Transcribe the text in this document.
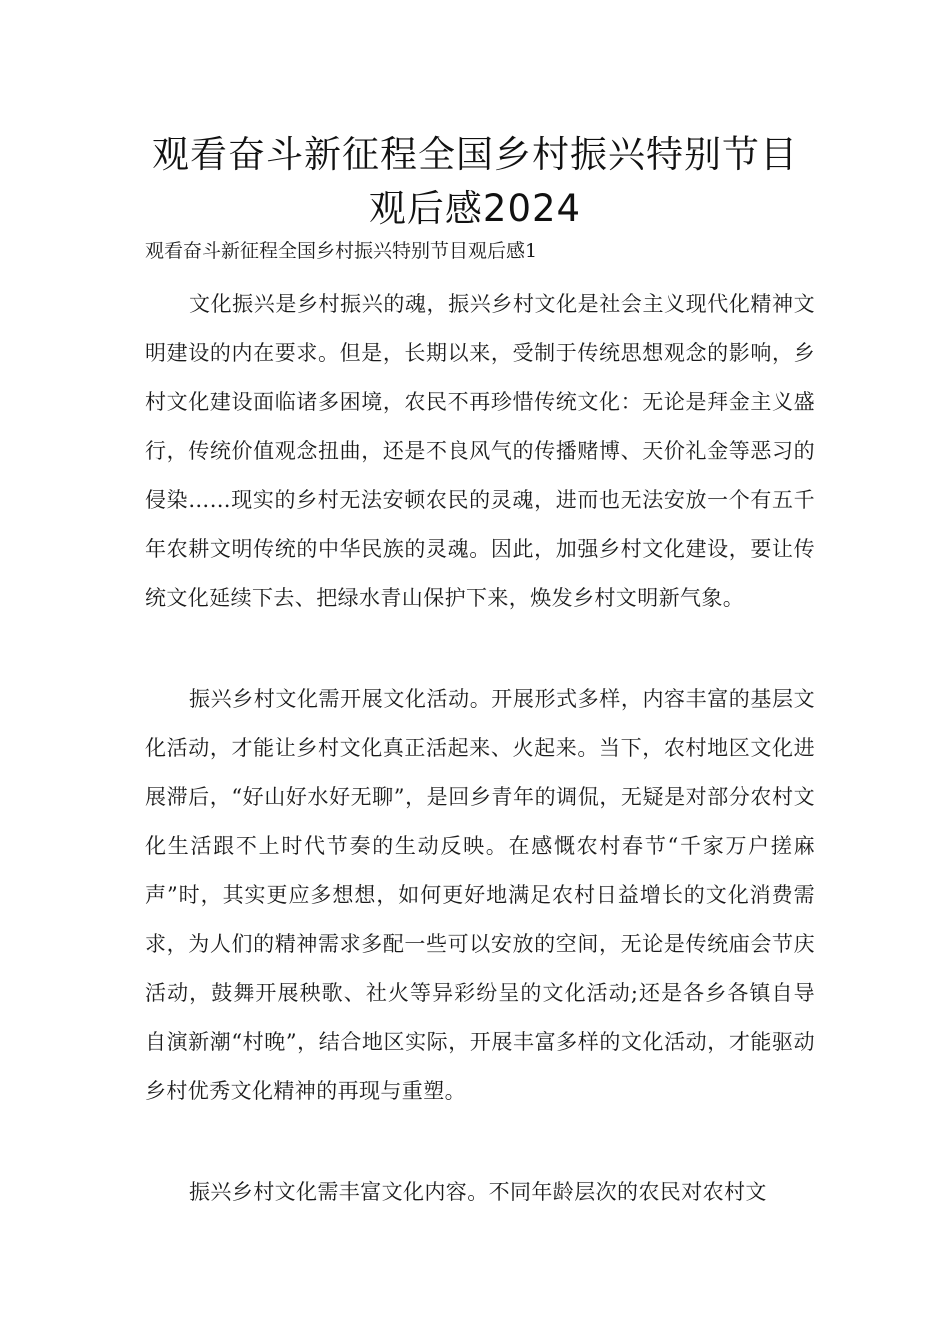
观看奋斗新征程全国乡村振兴特别节目
观后感2024

观看奋斗新征程全国乡村振兴特别节目观后感1

文化振兴是乡村振兴的魂，振兴乡村文化是社会主义现代化精神文明建设的内在要求。但是，长期以来，受制于传统思想观念的影响，乡村文化建设面临诸多困境，农民不再珍惜传统文化：无论是拜金主义盛行，传统价值观念扭曲，还是不良风气的传播赌博、天价礼金等恶习的侵染……现实的乡村无法安顿农民的灵魂，进而也无法安放一个有五千年农耕文明传统的中华民族的灵魂。因此，加强乡村文化建设，要让传统文化延续下去、把绿水青山保护下来，焕发乡村文明新气象。

振兴乡村文化需开展文化活动。开展形式多样，内容丰富的基层文化活动，才能让乡村文化真正活起来、火起来。当下，农村地区文化进展滞后，“好山好水好无聊”，是回乡青年的调侃，无疑是对部分农村文化生活跟不上时代节奏的生动反映。在感慨农村春节“千家万户搓麻声”时，其实更应多想想，如何更好地满足农村日益增长的文化消费需求，为人们的精神需求多配一些可以安放的空间，无论是传统庙会节庆活动，鼓舞开展秧歌、社火等异彩纷呈的文化活动;还是各乡各镇自导自演新潮“村晚”，结合地区实际，开展丰富多样的文化活动，才能驱动乡村优秀文化精神的再现与重塑。

振兴乡村文化需丰富文化内容。不同年龄层次的农民对农村文
